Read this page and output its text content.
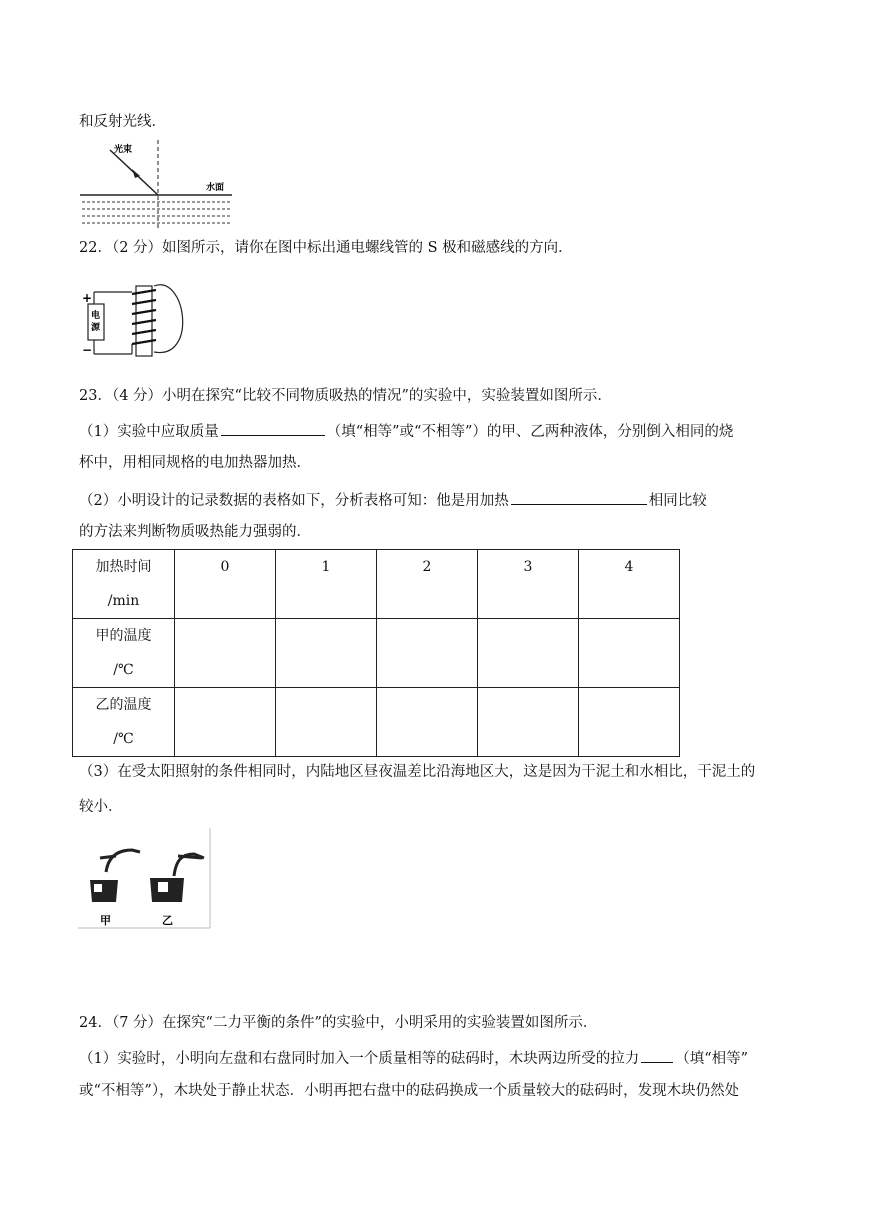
和反射光线．
光束
水面
22．（2 分）如图所示，请你在图中标出通电螺线管的 S 极和磁感线的方向．
+
−
电 源
23．（4 分）小明在探究“比较不同物质吸热的情况”的实验中，实验装置如图所示．
（1）实验中应取质量	（填“相等”或“不相等”）的甲、乙两种液体，分别倒入相同的烧
杯中，用相同规格的电加热器加热．
（2）小明设计的记录数据的表格如下，分析表格可知：他是用加热	相同比较
的方法来判断物质吸热能力强弱的．
加热时间
/min	0	1	2	3	4

甲的温度
/℃					

乙的温度
/℃					

（3）在受太阳照射的条件相同时，内陆地区昼夜温差比沿海地区大，这是因为干泥土和水相比，干泥土的
较小．
甲	乙
24．（7 分）在探究“二力平衡的条件”的实验中，小明采用的实验装置如图所示．
（1）实验时，小明向左盘和右盘同时加入一个质量相等的砝码时，木块两边所受的拉力 （填“相等”
或“不相等”），木块处于静止状态．小明再把右盘中的砝码换成一个质量较大的砝码时，发现木块仍然处
